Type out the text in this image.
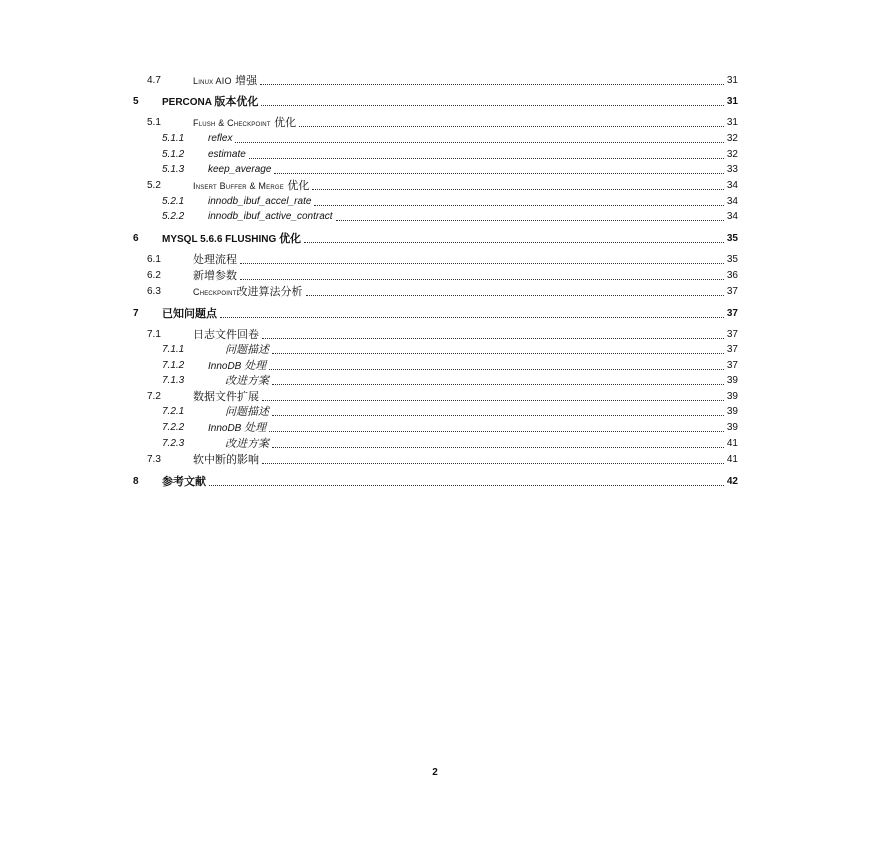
4.7	Linux AIO 增强	31
5 PERCONA 版本优化	31
5.1	Flush & Checkpoint 优化	31
5.1.1 reflex	32
5.1.2 estimate	32
5.1.3 keep_average	33
5.2	Insert Buffer & Merge 优化	34
5.2.1 innodb_ibuf_accel_rate	34
5.2.2 innodb_ibuf_active_contract	34
6 MYSQL 5.6.6 FLUSHING 优化	35
6.1	处理流程	35
6.2	新增参数	36
6.3	Checkpoint 改进算法分析	37
7 已知问题点	37
7.1	日志文件回卷	37
7.1.1	问题描述	37
7.1.2 InnoDB 处理	37
7.1.3	改进方案	39
7.2	数据文件扩展	39
7.2.1	问题描述	39
7.2.2 InnoDB 处理	39
7.2.3	改进方案	41
7.3	软中断的影响	41
8 参考文献	42
2
